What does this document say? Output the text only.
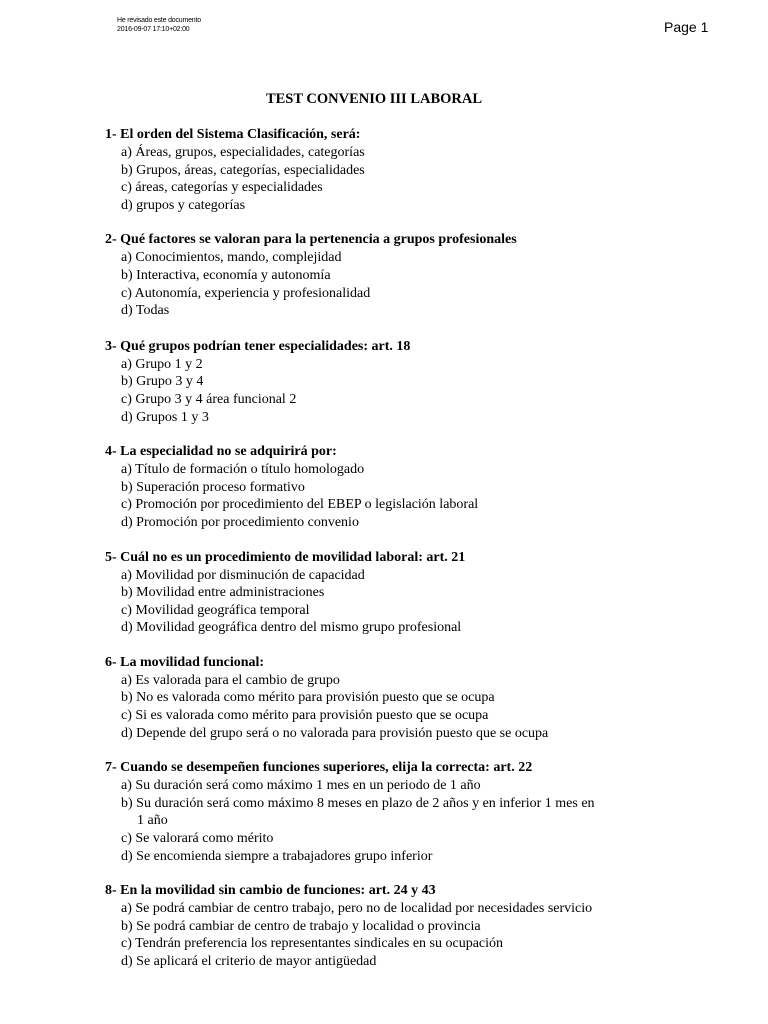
He revisado este documento
2016-09-07 17:10+02:00	Page 1
TEST CONVENIO III LABORAL

1- El orden del Sistema Clasificación, será:

a) Áreas, grupos, especialidades, categorías
b) Grupos, áreas, categorías, especialidades
c) áreas, categorías y especialidades
d) grupos y categorías

2- Qué factores se valoran para la pertenencia a grupos profesionales

a) Conocimientos, mando, complejidad
b) Interactiva, economía y autonomía
c) Autonomía, experiencia y profesionalidad
d) Todas

3- Qué grupos podrían tener especialidades: art. 18

a) Grupo 1 y 2
b) Grupo 3 y 4
c) Grupo 3 y 4 área funcional 2
d) Grupos 1 y 3

4- La especialidad no se adquirirá por:

a) Título de formación o título homologado
b) Superación proceso formativo
c) Promoción por procedimiento del EBEP o legislación laboral
d) Promoción por procedimiento convenio

5- Cuál no es un procedimiento de movilidad laboral: art. 21

a) Movilidad por disminución de capacidad
b) Movilidad entre administraciones
c) Movilidad geográfica temporal
d) Movilidad geográfica dentro del mismo grupo profesional

6- La movilidad funcional:

a) Es valorada para el cambio de grupo
b) No es valorada como mérito para provisión puesto que se ocupa
c) Si es valorada como mérito para provisión puesto que se ocupa
d) Depende del grupo será o no valorada para provisión puesto que se ocupa

7- Cuando se desempeñen funciones superiores, elija la correcta: art. 22

a) Su duración será como máximo 1 mes en un periodo de 1 año
b) Su duración será como máximo 8 meses en plazo de 2 años y en inferior 1 mes en
1 año
c) Se valorará como mérito
d) Se encomienda siempre a trabajadores grupo inferior

8- En la movilidad sin cambio de funciones: art. 24 y 43

a) Se podrá cambiar de centro trabajo, pero no de localidad por necesidades servicio
b) Se podrá cambiar de centro de trabajo y localidad o provincia
c) Tendrán preferencia los representantes sindicales en su ocupación
d) Se aplicará el criterio de mayor antigüedad
